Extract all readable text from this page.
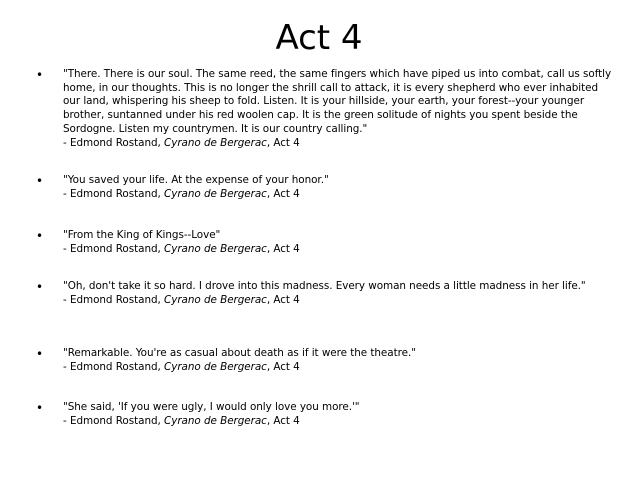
Act 4
• "There. There is our soul. The same reed, the same fingers which have piped us into combat, call us softly home, in our thoughts. This is no longer the shrill call to attack, it is every shepherd who ever inhabited our land, whispering his sheep to fold. Listen. It is your hillside, your earth, your forest--your younger brother, suntanned under his red woolen cap. It is the green solitude of nights you spent beside the Sordogne. Listen my countrymen. It is our country calling."
- Edmond Rostand, Cyrano de Bergerac, Act 4
• "You saved your life. At the expense of your honor."
- Edmond Rostand, Cyrano de Bergerac, Act 4
• "From the King of Kings--Love"
- Edmond Rostand, Cyrano de Bergerac, Act 4
• "Oh, don't take it so hard. I drove into this madness. Every woman needs a little madness in her life."
- Edmond Rostand, Cyrano de Bergerac, Act 4
• "Remarkable. You're as casual about death as if it were the theatre."
- Edmond Rostand, Cyrano de Bergerac, Act 4
• "She said, 'If you were ugly, I would only love you more.'"
- Edmond Rostand, Cyrano de Bergerac, Act 4
